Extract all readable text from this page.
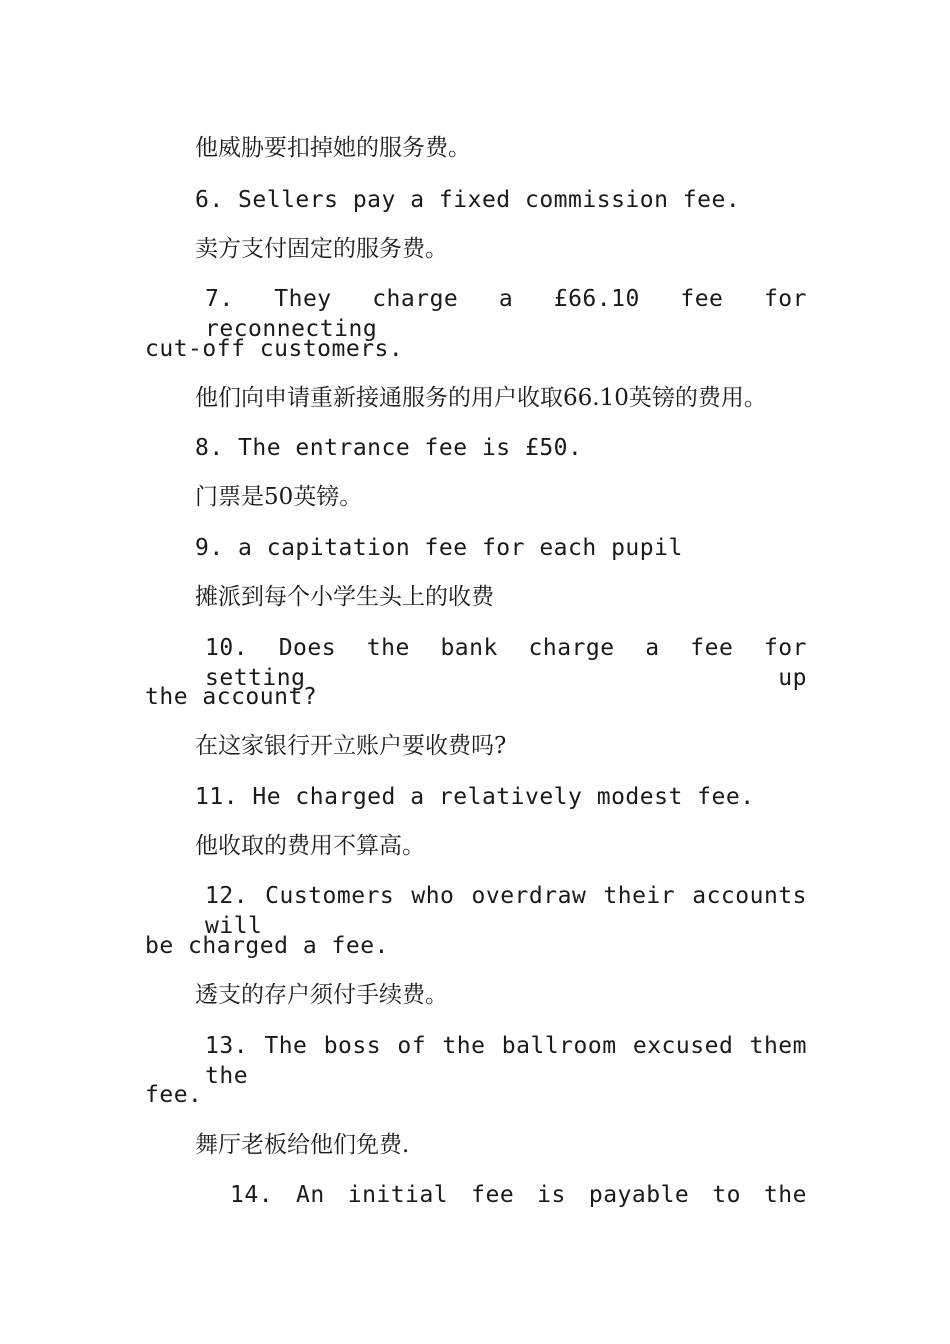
他威胁要扣掉她的服务费。
6. Sellers pay a fixed commission fee.
卖方支付固定的服务费。
7. They charge a £66.10 fee for reconnecting
cut-off customers.
他们向申请重新接通服务的用户收取66.10英镑的费用。
8. The entrance fee is £50.
门票是50英镑。
9. a capitation fee for each pupil
摊派到每个小学生头上的收费
10. Does the bank charge a fee for setting up
the account?
在这家银行开立账户要收费吗?
11. He charged a relatively modest fee.
他收取的费用不算高。
12. Customers who overdraw their accounts will
be charged a fee.
透支的存户须付手续费。
13. The boss of the ballroom excused them the
fee.
舞厅老板给他们免费.
14. An initial fee is payable to the
